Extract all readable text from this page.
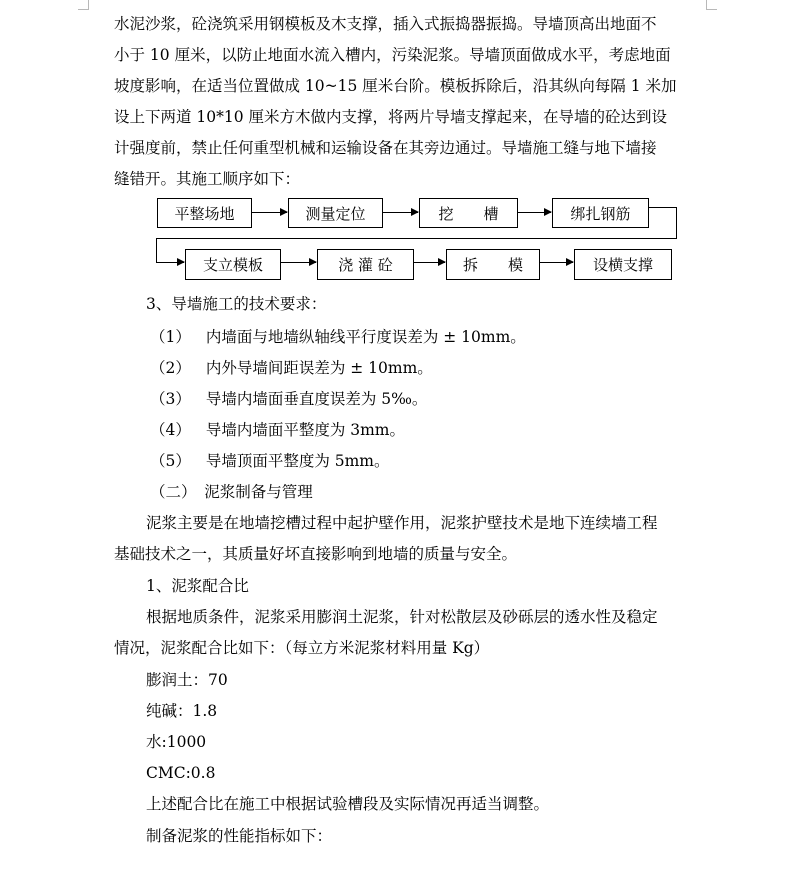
水泥沙浆，砼浇筑采用钢模板及木支撑，插入式振捣器振捣。导墙顶高出地面不
小于 10 厘米，以防止地面水流入槽内，污染泥浆。导墙顶面做成水平，考虑地面
坡度影响，在适当位置做成 10~15 厘米台阶。模板拆除后，沿其纵向每隔 1 米加
设上下两道 10*10 厘米方木做内支撑，将两片导墙支撑起来，在导墙的砼达到设
计强度前，禁止任何重型机械和运输设备在其旁边通过。导墙施工缝与地下墙接
缝错开。其施工顺序如下：
平整场地	测量定位	挖　　槽	绑扎钢筋
支立模板	浇 灌 砼	拆　　模	设横支撑
3、导墙施工的技术要求：
（1） 内墙面与地墙纵轴线平行度误差为 ± 10mm。
（2） 内外导墙间距误差为 ± 10mm。
（3） 导墙内墙面垂直度误差为 5‰。
（4） 导墙内墙面平整度为 3mm。
（5） 导墙顶面平整度为 5mm。
（二）　泥浆制备与管理
泥浆主要是在地墙挖槽过程中起护壁作用，泥浆护壁技术是地下连续墙工程
基础技术之一，其质量好坏直接影响到地墙的质量与安全。
1、泥浆配合比
根据地质条件，泥浆采用膨润土泥浆，针对松散层及砂砾层的透水性及稳定
情况，泥浆配合比如下：（每立方米泥浆材料用量 Kg）
膨润土：70
纯碱：1.8
水:1000
CMC:0.8
上述配合比在施工中根据试验槽段及实际情况再适当调整。
制备泥浆的性能指标如下：
